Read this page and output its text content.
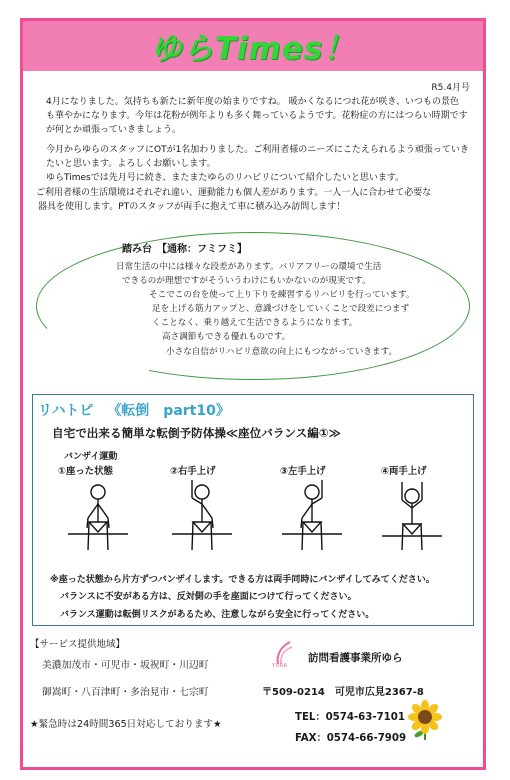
ゆらTimes！
R5.4月号
4月になりました。気持ちも新たに新年度の始まりですね。 暖かくなるにつれ花が咲き、いつもの景色
も華やかになります。今年は花粉が例年よりも多く舞っているようです。花粉症の方にはつらい時期です
が何とか頑張っていきましょう。
今月からゆらのスタッフにOTが1名加わりました。ご利用者様のニーズにこたえられるよう頑張っていき
たいと思います。よろしくお願いします。
ゆらTimesでは先月号に続き、またまたゆらのリハビリについて紹介したいと思います。
ご利用者様の生活環境はそれぞれ違い、運動能力も個人差があります。一人一人に合わせて必要な
器具を使用します。PTのスタッフが両手に抱えて車に積み込み訪問します！
踏み台　【通称：フミフミ】
日常生活の中には様々な段差があります。バリアフリーの環境で生活
できるのが理想ですがそういうわけにもいかないのが現実です。
そこでこの台を使って上り下りを練習するリハビリを行っています。
足を上げる筋力アップと、意識づけをしていくことで段差につまず
くことなく、乗り越えて生活できるようになります。
高さ調節もできる優れものです。
小さな自信がリハビリ意欲の向上にもつながっていきます。
リハトピ 《転倒　part10》
自宅で出来る簡単な転倒予防体操≪座位バランス編①≫
バンザイ運動
①座った状態	②右手上げ	③左手上げ	④両手上げ
※座った状態から片方ずつバンザイします。できる方は両手同時にバンザイしてみてください。
バランスに不安がある方は、反対側の手を座面につけて行ってください。
バランス運動は転倒リスクがあるため、注意しながら安全に行ってください。
【サービス提供地域】
美濃加茂市・可児市・坂祝町・川辺町
御嵩町・八百津町・多治見市・七宗町
★緊急時は24時間365日対応しております★
YURA
訪問看護事業所ゆら
〒509-0214　可児市広見2367-8
TEL：0574-63-7101
FAX：0574-66-7909
